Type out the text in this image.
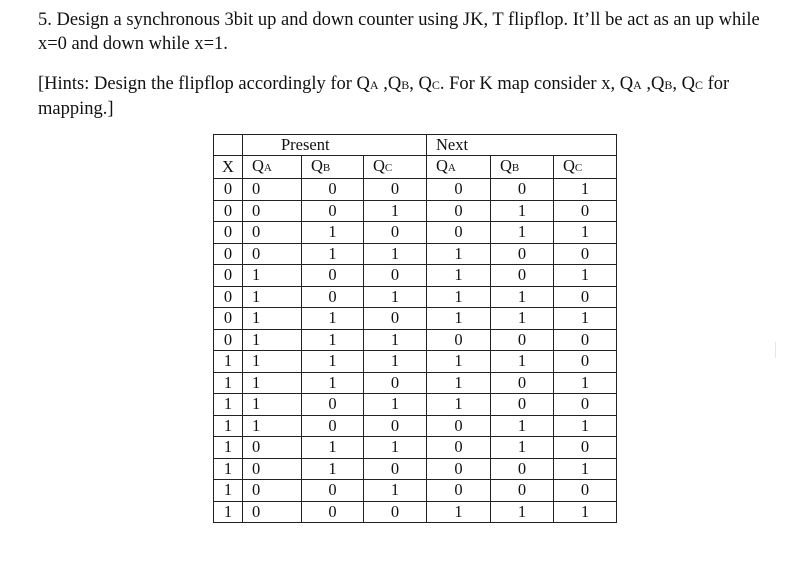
5. Design a synchronous 3bit up and down counter using JK, T flipflop. It’ll be act as an up while x=0 and down while x=1.
[Hints: Design the flipflop accordingly for QA ,QB, QC. For K map consider x, QA ,QB, QC for mapping.]
	Present			Next		
X	QA	QB	QC	QA	QB	QC
0	0	0	0	0	0	1
0	0	0	1	0	1	0
0	0	1	0	0	1	1
0	0	1	1	1	0	0
0	1	0	0	1	0	1
0	1	0	1	1	1	0
0	1	1	0	1	1	1
0	1	1	1	0	0	0
1	1	1	1	1	1	0
1	1	1	0	1	0	1
1	1	0	1	1	0	0
1	1	0	0	0	1	1
1	0	1	1	0	1	0
1	0	1	0	0	0	1
1	0	0	1	0	0	0
1	0	0	0	1	1	1
